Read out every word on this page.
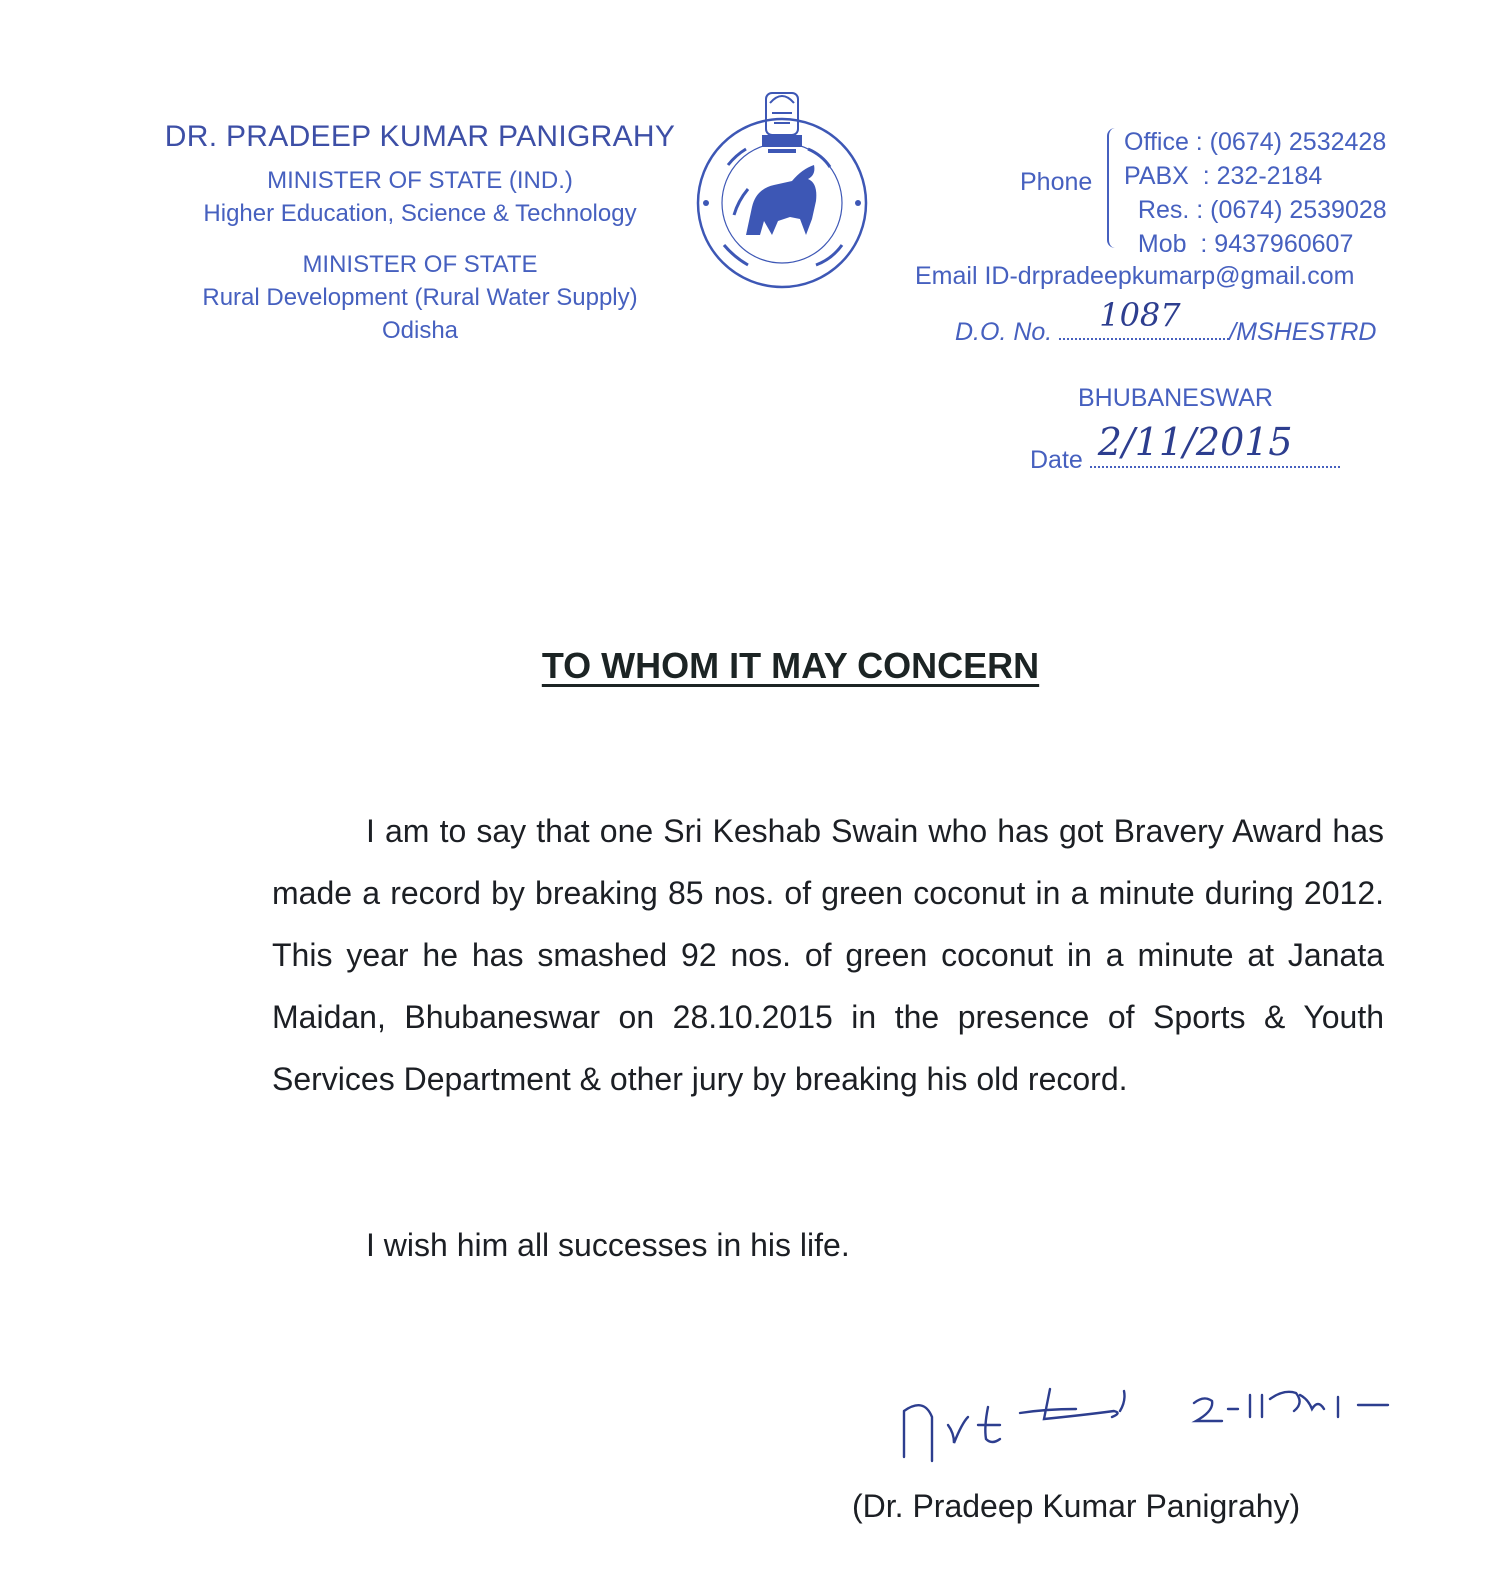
DR. PRADEEP KUMAR PANIGRAHY
MINISTER OF STATE (IND.)
Higher Education, Science & Technology
MINISTER OF STATE
Rural Development (Rural Water Supply)
Odisha
Phone
Office : (0674) 2532428
PABX  : 232-2184
Res. : (0674) 2539028
Mob  : 9437960607
Email ID-drpradeepkumarp@gmail.com
D.O. No. 1087 /MSHESTRD
BHUBANESWAR
Date 2/11/2015
TO WHOM IT MAY CONCERN
I am to say that one Sri Keshab Swain who has got Bravery Award has made a record by breaking 85 nos. of green coconut in a minute during 2012. This year he has smashed 92 nos. of green coconut in a minute at Janata Maidan, Bhubaneswar on 28.10.2015 in the presence of Sports & Youth Services Department & other jury by breaking his old record.
I wish him all successes in his life.
(Dr. Pradeep Kumar Panigrahy)
